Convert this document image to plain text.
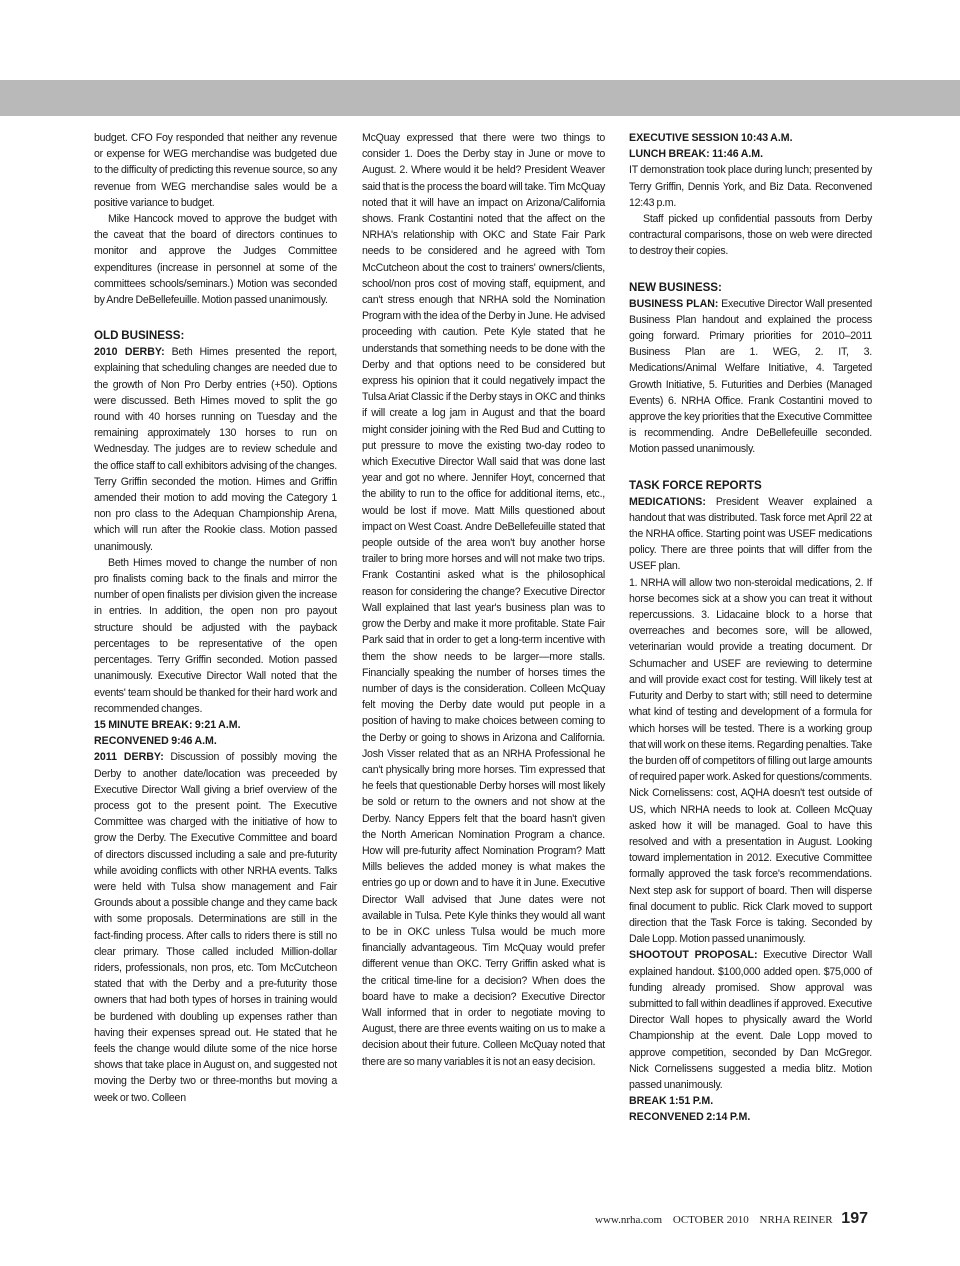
budget. CFO Foy responded that neither any revenue or expense for WEG merchandise was budgeted due to the difficulty of predicting this revenue source, so any revenue from WEG merchandise sales would be a positive variance to budget.

Mike Hancock moved to approve the budget with the caveat that the board of directors continues to monitor and approve the Judges Committee expenditures (increase in personnel at some of the committees schools/seminars.) Motion was seconded by Andre DeBellefeuille. Motion passed unanimously.

OLD BUSINESS:

2010 DERBY: Beth Himes presented the report, explaining that scheduling changes are needed due to the growth of Non Pro Derby entries (+50). Options were discussed. Beth Himes moved to split the go round with 40 horses running on Tuesday and the remaining approximately 130 horses to run on Wednesday. The judges are to review schedule and the office staff to call exhibitors advising of the changes. Terry Griffin seconded the motion. Himes and Griffin amended their motion to add moving the Category 1 non pro class to the Adequan Championship Arena, which will run after the Rookie class. Motion passed unanimously.

Beth Himes moved to change the number of non pro finalists coming back to the finals and mirror the number of open finalists per division given the increase in entries. In addition, the open non pro payout structure should be adjusted with the payback percentages to be representative of the open percentages. Terry Griffin seconded. Motion passed unanimously. Executive Director Wall noted that the events' team should be thanked for their hard work and recommended changes.

15 MINUTE BREAK: 9:21 A.M.

RECONVENED 9:46 A.M.

2011 DERBY: Discussion of possibly moving the Derby to another date/location was preceeded by Executive Director Wall giving a brief overview of the process got to the present point. The Executive Committee was charged with the initiative of how to grow the Derby. The Executive Committee and board of directors discussed including a sale and pre-futurity while avoiding conflicts with other NRHA events. Talks were held with Tulsa show management and Fair Grounds about a possible change and they came back with some proposals. Determinations are still in the fact-finding process. After calls to riders there is still no clear primary. Those called included Million-dollar riders, professionals, non pros, etc. Tom McCutcheon stated that with the Derby and a pre-futurity those owners that had both types of horses in training would be burdened with doubling up expenses rather than having their expenses spread out. He stated that he feels the change would dilute some of the nice horse shows that take place in August on, and suggested not moving the Derby two or three-months but moving a week or two. Colleen

McQuay expressed that there were two things to consider 1. Does the Derby stay in June or move to August. 2. Where would it be held? President Weaver said that is the process the board will take. Tim McQuay noted that it will have an impact on Arizona/California shows. Frank Costantini noted that the affect on the NRHA's relationship with OKC and State Fair Park needs to be considered and he agreed with Tom McCutcheon about the cost to trainers' owners/clients, school/non pros cost of moving staff, equipment, and can't stress enough that NRHA sold the Nomination Program with the idea of the Derby in June. He advised proceeding with caution. Pete Kyle stated that he understands that something needs to be done with the Derby and that options need to be considered but express his opinion that it could negatively impact the Tulsa Ariat Classic if the Derby stays in OKC and thinks if will create a log jam in August and that the board might consider joining with the Red Bud and Cutting to put pressure to move the existing two-day rodeo to which Executive Director Wall said that was done last year and got no where. Jennifer Hoyt, concerned that the ability to run to the office for additional items, etc., would be lost if move. Matt Mills questioned about impact on West Coast. Andre DeBellefeuille stated that people outside of the area won't buy another horse trailer to bring more horses and will not make two trips. Frank Costantini asked what is the philosophical reason for considering the change? Executive Director Wall explained that last year's business plan was to grow the Derby and make it more profitable. State Fair Park said that in order to get a long-term incentive with them the show needs to be larger—more stalls. Financially speaking the number of horses times the number of days is the consideration. Colleen McQuay felt moving the Derby date would put people in a position of having to make choices between coming to the Derby or going to shows in Arizona and California. Josh Visser related that as an NRHA Professional he can't physically bring more horses. Tim expressed that he feels that questionable Derby horses will most likely be sold or return to the owners and not show at the Derby. Nancy Eppers felt that the board hasn't given the North American Nomination Program a chance. How will pre-futurity affect Nomination Program? Matt Mills believes the added money is what makes the entries go up or down and to have it in June. Executive Director Wall advised that June dates were not available in Tulsa. Pete Kyle thinks they would all want to be in OKC unless Tulsa would be much more financially advantageous. Tim McQuay would prefer different venue than OKC. Terry Griffin asked what is the critical time-line for a decision? When does the board have to make a decision? Executive Director Wall informed that in order to negotiate moving to August, there are three events waiting on us to make a decision about their future. Colleen McQuay noted that there are so many variables it is not an easy decision.

EXECUTIVE SESSION 10:43 A.M.

LUNCH BREAK: 11:46 A.M.

IT demonstration took place during lunch; presented by Terry Griffin, Dennis York, and Biz Data. Reconvened 12:43 p.m.

Staff picked up confidential passouts from Derby contractural comparisons, those on web were directed to destroy their copies.

NEW BUSINESS:

BUSINESS PLAN: Executive Director Wall presented Business Plan handout and explained the process going forward. Primary priorities for 2010–2011 Business Plan are 1. WEG, 2. IT, 3. Medications/Animal Welfare Initiative, 4. Targeted Growth Initiative, 5. Futurities and Derbies (Managed Events) 6. NRHA Office. Frank Costantini moved to approve the key priorities that the Executive Committee is recommending. Andre DeBellefeuille seconded. Motion passed unanimously.

TASK FORCE REPORTS

MEDICATIONS: President Weaver explained a handout that was distributed. Task force met April 22 at the NRHA office. Starting point was USEF medications policy. There are three points that will differ from the USEF plan.

1. NRHA will allow two non-steroidal medications, 2. If horse becomes sick at a show you can treat it without repercussions. 3. Lidacaine block to a horse that overreaches and becomes sore, will be allowed, veterinarian would provide a treating document. Dr Schumacher and USEF are reviewing to determine and will provide exact cost for testing. Will likely test at Futurity and Derby to start with; still need to determine what kind of testing and development of a formula for which horses will be tested. There is a working group that will work on these items. Regarding penalties. Take the burden off of competitors of filling out large amounts of required paper work. Asked for questions/comments. Nick Cornelissens: cost, AQHA doesn't test outside of US, which NRHA needs to look at. Colleen McQuay asked how it will be managed. Goal to have this resolved and with a presentation in August. Looking toward implementation in 2012. Executive Committee formally approved the task force's recommendations. Next step ask for support of board. Then will disperse final document to public. Rick Clark moved to support direction that the Task Force is taking. Seconded by Dale Lopp. Motion passed unanimously.

SHOOTOUT PROPOSAL: Executive Director Wall explained handout. $100,000 added open. $75,000 of funding already promised. Show approval was submitted to fall within deadlines if approved. Executive Director Wall hopes to physically award the World Championship at the event. Dale Lopp moved to approve competition, seconded by Dan McGregor. Nick Cornelissens suggested a media blitz. Motion passed unanimously.

BREAK 1:51 P.M.

RECONVENED 2:14 P.M.

www.nrha.com OCTOBER 2010 NRHA REINER 197
